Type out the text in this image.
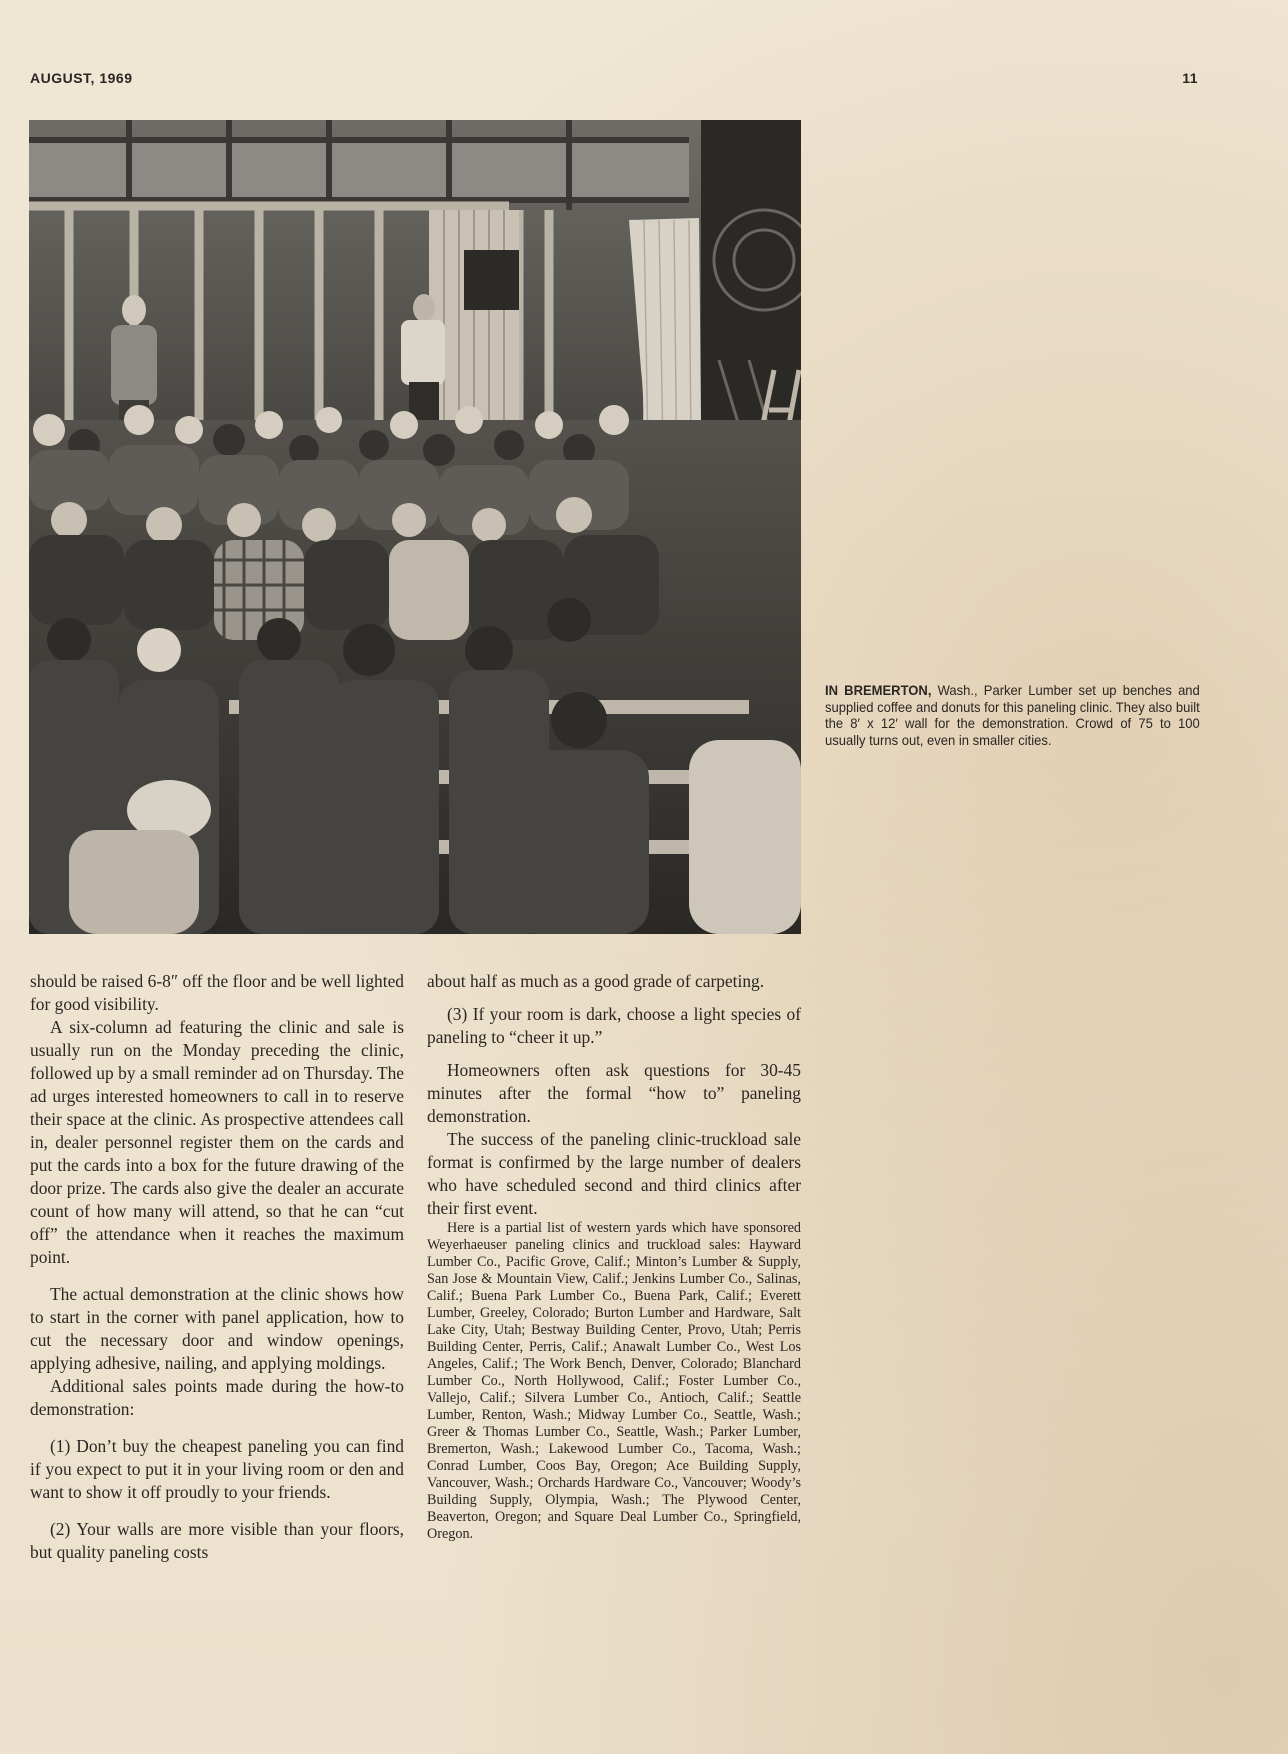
AUGUST, 1969	11
IN BREMERTON, Wash., Parker Lumber set up benches and supplied coffee and donuts for this paneling clinic. They also built the 8′ x 12′ wall for the demonstration. Crowd of 75 to 100 usually turns out, even in smaller cities.

should be raised 6-8″ off the floor and be well lighted for good visibility.

A six-column ad featuring the clinic and sale is usually run on the Monday preceding the clinic, followed up by a small reminder ad on Thursday. The ad urges interested homeowners to call in to reserve their space at the clinic. As prospective attendees call in, dealer personnel register them on the cards and put the cards into a box for the future drawing of the door prize. The cards also give the dealer an accurate count of how many will attend, so that he can “cut off” the attendance when it reaches the maximum point.

The actual demonstration at the clinic shows how to start in the corner with panel application, how to cut the necessary door and window openings, applying adhesive, nailing, and applying moldings.

Additional sales points made during the how-to demonstration:

(1) Don’t buy the cheapest paneling you can find if you expect to put it in your living room or den and want to show it off proudly to your friends.

(2) Your walls are more visible than your floors, but quality paneling costs

about half as much as a good grade of carpeting.

(3) If your room is dark, choose a light species of paneling to “cheer it up.”

Homeowners often ask questions for 30-45 minutes after the formal “how to” paneling demonstration.

The success of the paneling clinic-truckload sale format is confirmed by the large number of dealers who have scheduled second and third clinics after their first event.

Here is a partial list of western yards which have sponsored Weyerhaeuser paneling clinics and truckload sales: Hayward Lumber Co., Pacific Grove, Calif.; Minton’s Lumber & Supply, San Jose & Mountain View, Calif.; Jenkins Lumber Co., Salinas, Calif.; Buena Park Lumber Co., Buena Park, Calif.; Everett Lumber, Greeley, Colorado; Burton Lumber and Hardware, Salt Lake City, Utah; Bestway Building Center, Provo, Utah; Perris Building Center, Perris, Calif.; Anawalt Lumber Co., West Los Angeles, Calif.; The Work Bench, Denver, Colorado; Blanchard Lumber Co., North Hollywood, Calif.; Foster Lumber Co., Vallejo, Calif.; Silvera Lumber Co., Antioch, Calif.; Seattle Lumber, Renton, Wash.; Midway Lumber Co., Seattle, Wash.; Greer & Thomas Lumber Co., Seattle, Wash.; Parker Lumber, Bremerton, Wash.; Lakewood Lumber Co., Tacoma, Wash.; Conrad Lumber, Coos Bay, Oregon; Ace Building Supply, Vancouver, Wash.; Orchards Hardware Co., Vancouver; Woody’s Building Supply, Olympia, Wash.; The Plywood Center, Beaverton, Oregon; and Square Deal Lumber Co., Springfield, Oregon.
